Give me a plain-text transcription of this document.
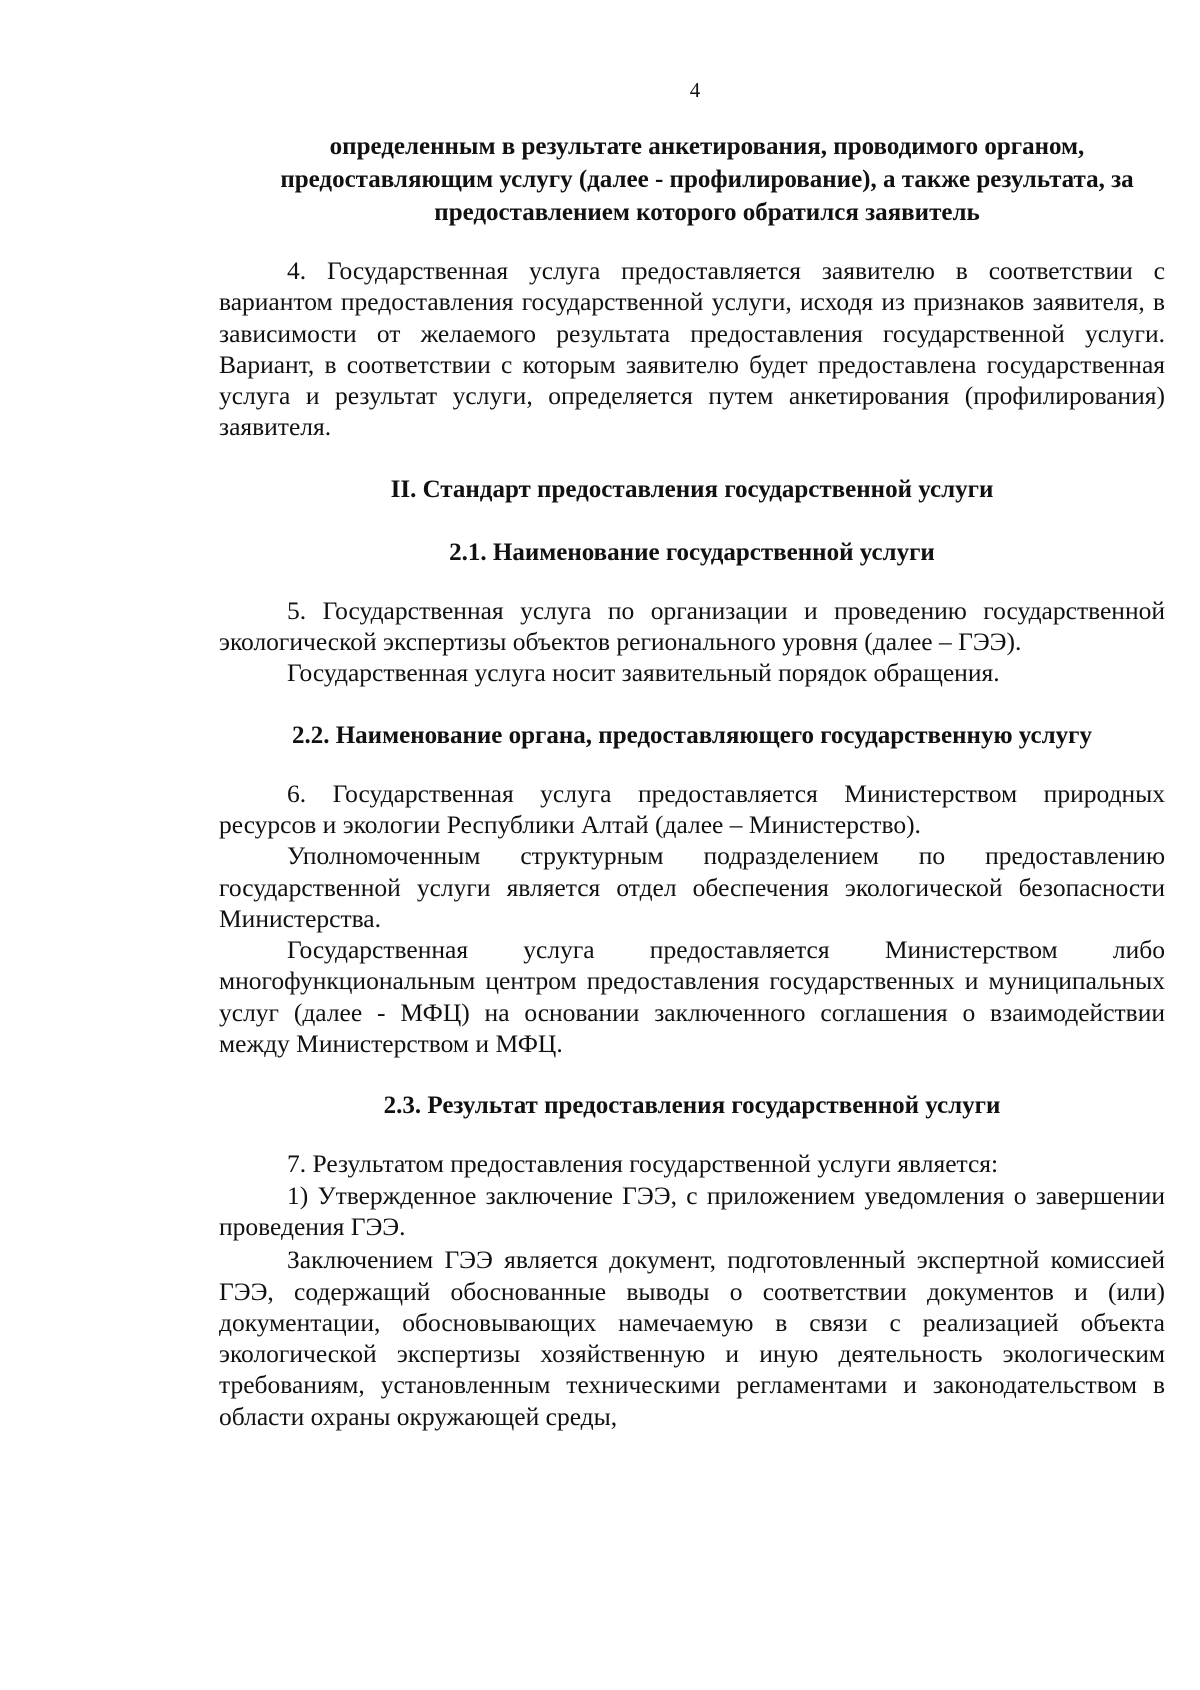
4

определенным в результате анкетирования, проводимого органом, предоставляющим услугу (далее - профилирование), а также результата, за предоставлением которого обратился заявитель

4. Государственная услуга предоставляется заявителю в соответствии с вариантом предоставления государственной услуги, исходя из признаков заявителя, в зависимости от желаемого результата предоставления государственной услуги. Вариант, в соответствии с которым заявителю будет предоставлена государственная услуга и результат услуги, определяется путем анкетирования (профилирования) заявителя.

II. Стандарт предоставления государственной услуги

2.1. Наименование государственной услуги

5. Государственная услуга по организации и проведению государственной экологической экспертизы объектов регионального уровня (далее – ГЭЭ).

Государственная услуга носит заявительный порядок обращения.

2.2. Наименование органа, предоставляющего государственную услугу

6. Государственная услуга предоставляется Министерством природных ресурсов и экологии Республики Алтай (далее – Министерство).

Уполномоченным структурным подразделением по предоставлению государственной услуги является отдел обеспечения экологической безопасности Министерства.

Государственная услуга предоставляется Министерством либо многофункциональным центром предоставления государственных и муниципальных услуг (далее - МФЦ) на основании заключенного соглашения о взаимодействии между Министерством и МФЦ.

2.3. Результат предоставления государственной услуги

7. Результатом предоставления государственной услуги является:

1) Утвержденное заключение ГЭЭ, с приложением уведомления о завершении проведения ГЭЭ.

Заключением ГЭЭ является документ, подготовленный экспертной комиссией ГЭЭ, содержащий обоснованные выводы о соответствии документов и (или) документации, обосновывающих намечаемую в связи с реализацией объекта экологической экспертизы хозяйственную и иную деятельность экологическим требованиям, установленным техническими регламентами и законодательством в области охраны окружающей среды,
